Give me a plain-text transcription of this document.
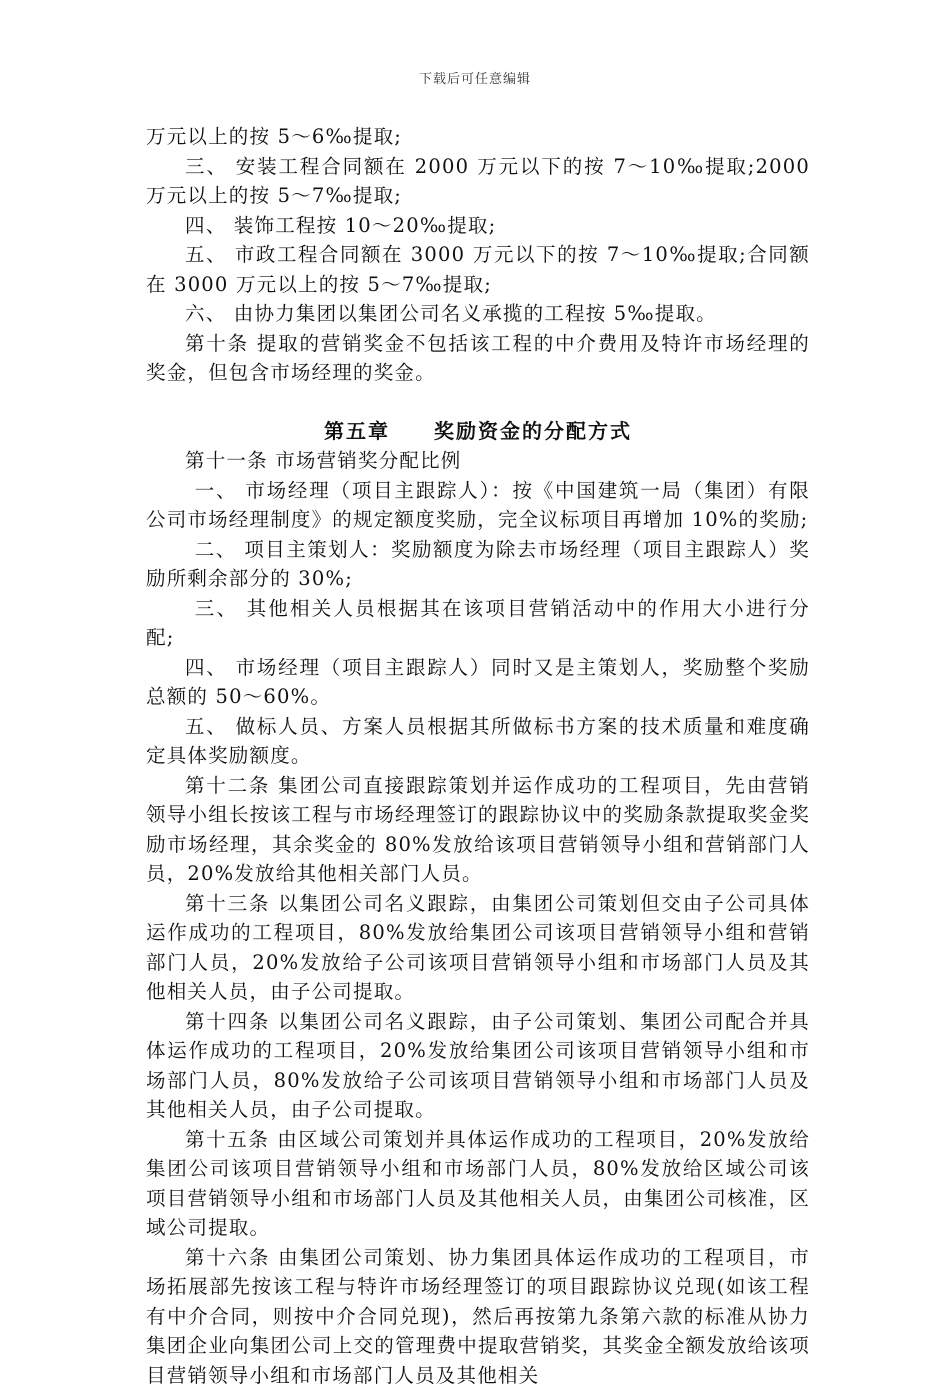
下载后可任意编辑

万元以上的按 5～6‰提取;

三、 安装工程合同额在 2000 万元以下的按 7～10‰提取;2000 万元以上的按 5～7‰提取;

四、 装饰工程按 10～20‰提取;

五、 市政工程合同额在 3000 万元以下的按 7～10‰提取;合同额在 3000 万元以上的按 5～7‰提取;

六、 由协力集团以集团公司名义承揽的工程按 5‰提取。

第十条 提取的营销奖金不包括该工程的中介费用及特许市场经理的奖金，但包含市场经理的奖金。

第五章 奖励资金的分配方式

第十一条 市场营销奖分配比例

一、 市场经理（项目主跟踪人）：按《中国建筑一局（集团）有限公司市场经理制度》的规定额度奖励，完全议标项目再增加 10%的奖励;

二、 项目主策划人：奖励额度为除去市场经理（项目主跟踪人）奖励所剩余部分的 30%;

三、 其他相关人员根据其在该项目营销活动中的作用大小进行分配;

四、 市场经理（项目主跟踪人）同时又是主策划人，奖励整个奖励总额的 50～60%。

五、 做标人员、方案人员根据其所做标书方案的技术质量和难度确定具体奖励额度。

第十二条 集团公司直接跟踪策划并运作成功的工程项目，先由营销领导小组长按该工程与市场经理签订的跟踪协议中的奖励条款提取奖金奖励市场经理，其余奖金的 80%发放给该项目营销领导小组和营销部门人员，20%发放给其他相关部门人员。

第十三条 以集团公司名义跟踪，由集团公司策划但交由子公司具体运作成功的工程项目，80%发放给集团公司该项目营销领导小组和营销部门人员，20%发放给子公司该项目营销领导小组和市场部门人员及其他相关人员，由子公司提取。

第十四条 以集团公司名义跟踪，由子公司策划、集团公司配合并具体运作成功的工程项目，20%发放给集团公司该项目营销领导小组和市场部门人员，80%发放给子公司该项目营销领导小组和市场部门人员及其他相关人员，由子公司提取。

第十五条 由区域公司策划并具体运作成功的工程项目，20%发放给集团公司该项目营销领导小组和市场部门人员，80%发放给区域公司该项目营销领导小组和市场部门人员及其他相关人员，由集团公司核准，区域公司提取。

第十六条 由集团公司策划、协力集团具体运作成功的工程项目，市场拓展部先按该工程与特许市场经理签订的项目跟踪协议兑现(如该工程有中介合同，则按中介合同兑现)，然后再按第九条第六款的标准从协力集团企业向集团公司上交的管理费中提取营销奖，其奖金全额发放给该项目营销领导小组和市场部门人员及其他相关
